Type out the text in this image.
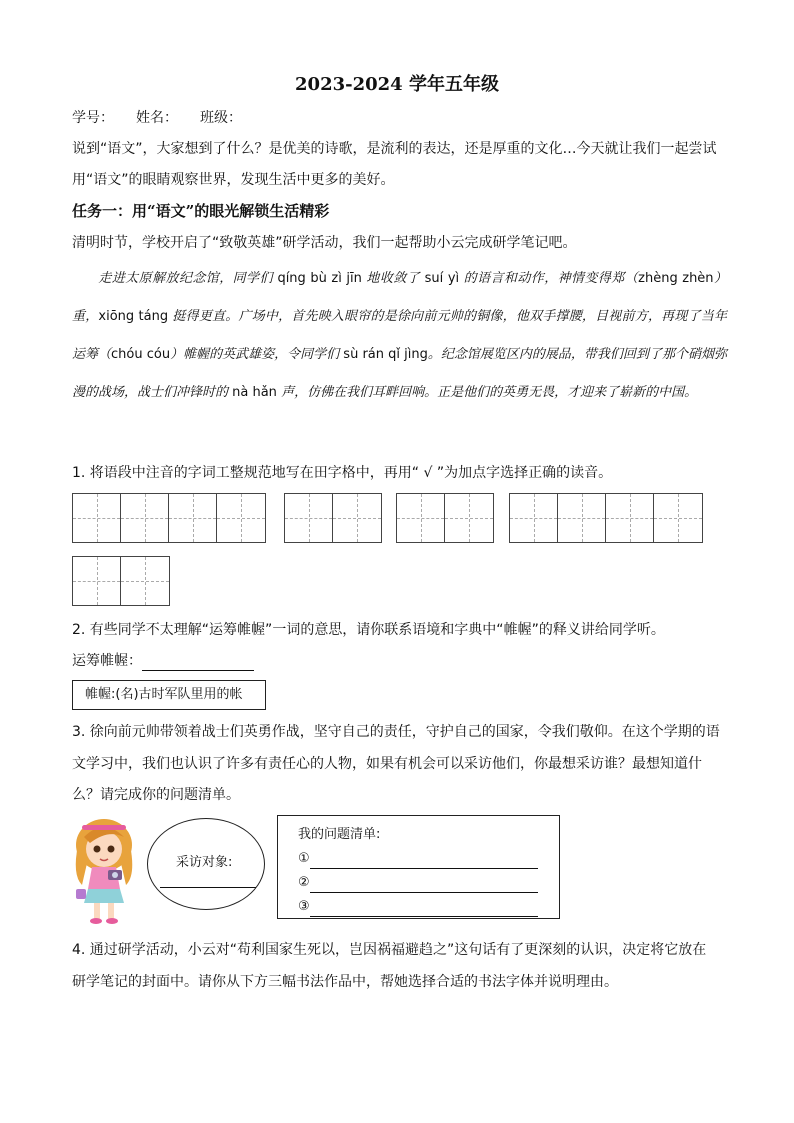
2023-2024 学年五年级
学号： 姓名： 班级：
说到“语文”，大家想到了什么？是优美的诗歌，是流利的表达，还是厚重的文化…今天就让我们一起尝试
用“语文”的眼睛观察世界，发现生活中更多的美好。
任务一：用“语文”的眼光解锁生活精彩
清明时节，学校开启了“致敬英雄”研学活动，我们一起帮助小云完成研学笔记吧。
走进太原解放纪念馆，同学们 qíng bù zì jīn 地收敛了 suí yì 的语言和动作，神情变得郑（zhèng zhèn）重，xiōng táng 挺得更直。广场中，首先映入眼帘的是徐向前元帅的铜像，他双手撑腰，目视前方，再现了当年运筹（chóu cóu）帷幄的英武雄姿，令同学们 sù rán qǐ jìng。纪念馆展览区内的展品，带我们回到了那个硝烟弥漫的战场，战士们冲锋时的 nà hǎn 声，仿佛在我们耳畔回响。正是他们的英勇无畏，才迎来了崭新的中国。
1. 将语段中注音的字词工整规范地写在田字格中，再用“ √ ”为加点字选择正确的读音。
2. 有些同学不太理解“运筹帷幄”一词的意思，请你联系语境和字典中“帷幄”的释义讲给同学听。
运筹帷幄：
帷幄:(名)古时军队里用的帐
3. 徐向前元帅带领着战士们英勇作战，坚守自己的责任，守护自己的国家，令我们敬仰。在这个学期的语
文学习中，我们也认识了许多有责任心的人物，如果有机会可以采访他们，你最想采访谁？最想知道什
么？请完成你的问题清单。
采访对象:
我的问题清单:
①
②
③
4. 通过研学活动，小云对“苟利国家生死以，岂因祸福避趋之”这句话有了更深刻的认识，决定将它放在
研学笔记的封面中。请你从下方三幅书法作品中，帮她选择合适的书法字体并说明理由。
